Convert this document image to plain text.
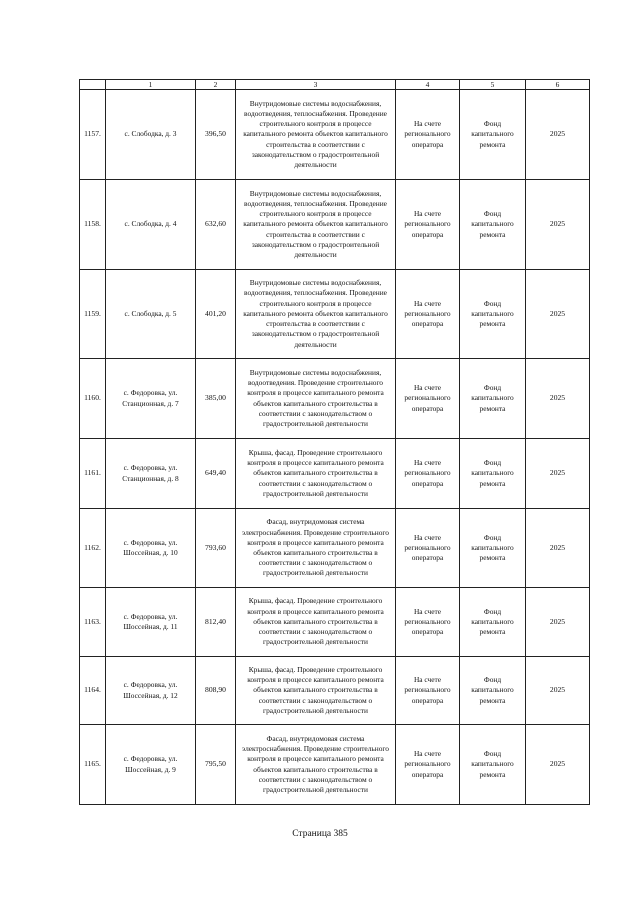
	1	2	3	4	5	6
1157.	с. Слободка, д. 3	396,50	Внутридомовые системы водоснабжения, водоотведения, теплоснабжения. Проведение строительного контроля в процессе капитального ремонта объектов капитального строительства в соответствии с законодательством о градостроительной деятельности	На счете регионального оператора	Фонд капитального ремонта	2025
1158.	с. Слободка, д. 4	632,60	Внутридомовые системы водоснабжения, водоотведения, теплоснабжения. Проведение строительного контроля в процессе капитального ремонта объектов капитального строительства в соответствии с законодательством о градостроительной деятельности	На счете регионального оператора	Фонд капитального ремонта	2025
1159.	с. Слободка, д. 5	401,20	Внутридомовые системы водоснабжения, водоотведения, теплоснабжения. Проведение строительного контроля в процессе капитального ремонта объектов капитального строительства в соответствии с законодательством о градостроительной деятельности	На счете регионального оператора	Фонд капитального ремонта	2025
1160.	с. Федоровка, ул. Станционная, д. 7	385,00	Внутридомовые системы водоснабжения, водоотведения. Проведение строительного контроля в процессе капитального ремонта объектов капитального строительства в соответствии с законодательством о градостроительной деятельности	На счете регионального оператора	Фонд капитального ремонта	2025
1161.	с. Федоровка, ул. Станционная, д. 8	649,40	Крыша, фасад. Проведение строительного контроля в процессе капитального ремонта объектов капитального строительства в соответствии с законодательством о градостроительной деятельности	На счете регионального оператора	Фонд капитального ремонта	2025
1162.	с. Федоровка, ул. Шоссейная, д. 10	793,60	Фасад, внутридомовая система электроснабжения. Проведение строительного контроля в процессе капитального ремонта объектов капитального строительства в соответствии с законодательством о градостроительной деятельности	На счете регионального оператора	Фонд капитального ремонта	2025
1163.	с. Федоровка, ул. Шоссейная, д. 11	812,40	Крыша, фасад. Проведение строительного контроля в процессе капитального ремонта объектов капитального строительства в соответствии с законодательством о градостроительной деятельности	На счете регионального оператора	Фонд капитального ремонта	2025
1164.	с. Федоровка, ул. Шоссейная, д. 12	808,90	Крыша, фасад. Проведение строительного контроля в процессе капитального ремонта объектов капитального строительства в соответствии с законодательством о градостроительной деятельности	На счете регионального оператора	Фонд капитального ремонта	2025
1165.	с. Федоровка, ул. Шоссейная, д. 9	795,50	Фасад, внутридомовая система электроснабжения. Проведение строительного контроля в процессе капитального ремонта объектов капитального строительства в соответствии с законодательством о градостроительной деятельности	На счете регионального оператора	Фонд капитального ремонта	2025
Страница 385
